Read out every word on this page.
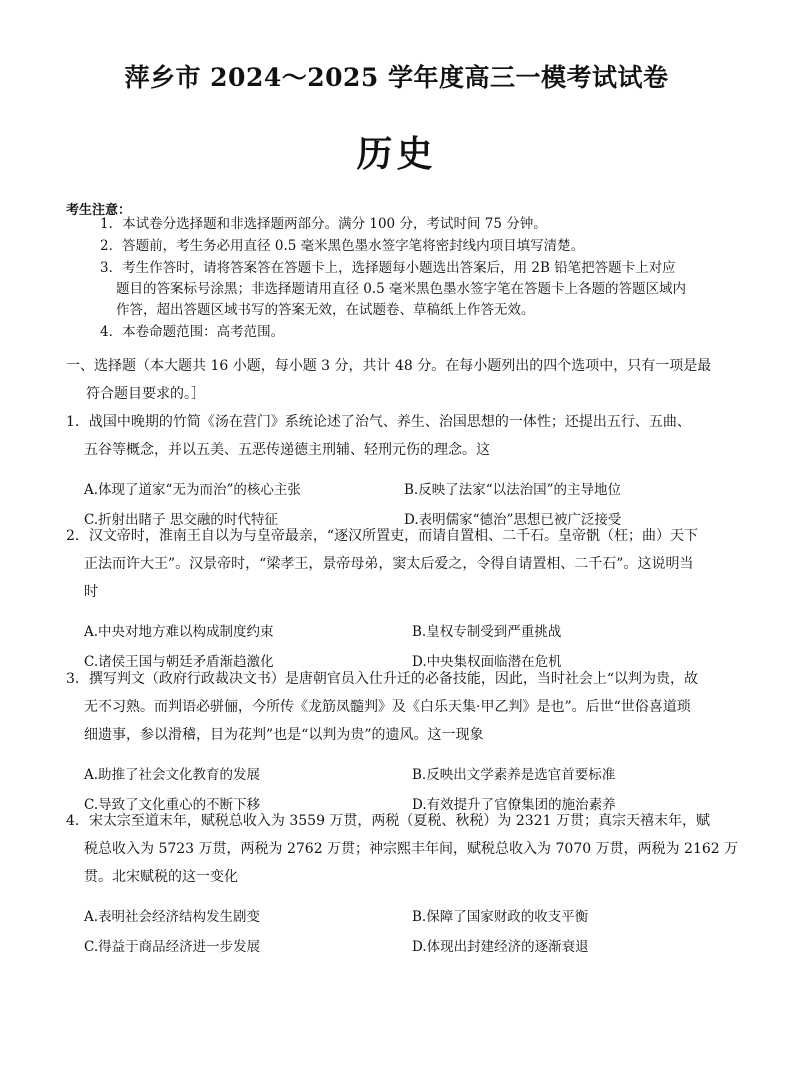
萍乡市 2024～2025 学年度高三一模考试试卷
历史
考生注意：
1．本试卷分选择题和非选择题两部分。满分 100 分，考试时间 75 分钟。
2．答题前，考生务必用直径 0.5 毫米黑色墨水签字笔将密封线内项目填写清楚。
3．考生作答时，请将答案答在答题卡上，选择题每小题选出答案后，用 2B 铅笔把答题卡上对应
题目的答案标号涂黑；非选择题请用直径 0.5 毫米黑色墨水签字笔在答题卡上各题的答题区域内
作答，超出答题区域书写的答案无效，在试题卷、草稿纸上作答无效。
4．本卷命题范围：高考范围。
一、选择题（本大题共 16 小题，每小题 3 分，共计 48 分。在每小题列出的四个选项中，只有一项是最
符合题目要求的。］
1．战国中晚期的竹简《汤在营门》系统论述了治气、养生、治国思想的一体性；还提出五行、五曲、
五谷等概念，并以五美、五恶传递德主刑辅、轻刑元伤的理念。这
A.体现了道家“无为而治”的核心主张	B.反映了法家“以法治国”的主导地位
C.折射出睹子 思交融的时代特征	D.表明儒家“德治”思想已被广泛接受
2．汉文帝时，淮南王自以为与皇帝最亲，“逐汉所置吏，而请自置相、二千石。皇帝骪（枉；曲）天下
正法而许大王”。汉景帝时，“梁孝王，景帝母弟，窦太后爱之，令得自请置相、二千石”。这说明当
时
A.中央对地方难以构成制度约束	B.皇权专制受到严重挑战
C.诸侯王国与朝廷矛盾渐趋激化	D.中央集权面临潜在危机
3．撰写判文（政府行政裁决文书）是唐朝官员入仕升迁的必备技能，因此，当时社会上“以判为贵，故
无不习熟。而判语必骈俪，今所传《龙筋凤髓判》及《白乐天集·甲乙判》是也”。后世“世俗喜道琐
细遗事，参以滑稽，目为花判”也是“以判为贵”的遗风。这一现象
A.助推了社会文化教育的发展	B.反映出文学素养是选官首要标准
C.导致了文化重心的不断下移	D.有效提升了官僚集团的施治素养
4．宋太宗至道末年，赋税总收入为 3559 万贯，两税（夏税、秋税）为 2321 万贯；真宗天禧末年，赋
税总收入为 5723 万贯，两税为 2762 万贯；神宗熙丰年间，赋税总收入为 7070 万贯，两税为 2162 万
贯。北宋赋税的这一变化
A.表明社会经济结构发生剧变	B.保障了国家财政的收支平衡
C.得益于商品经济进一步发展	D.体现出封建经济的逐渐衰退
